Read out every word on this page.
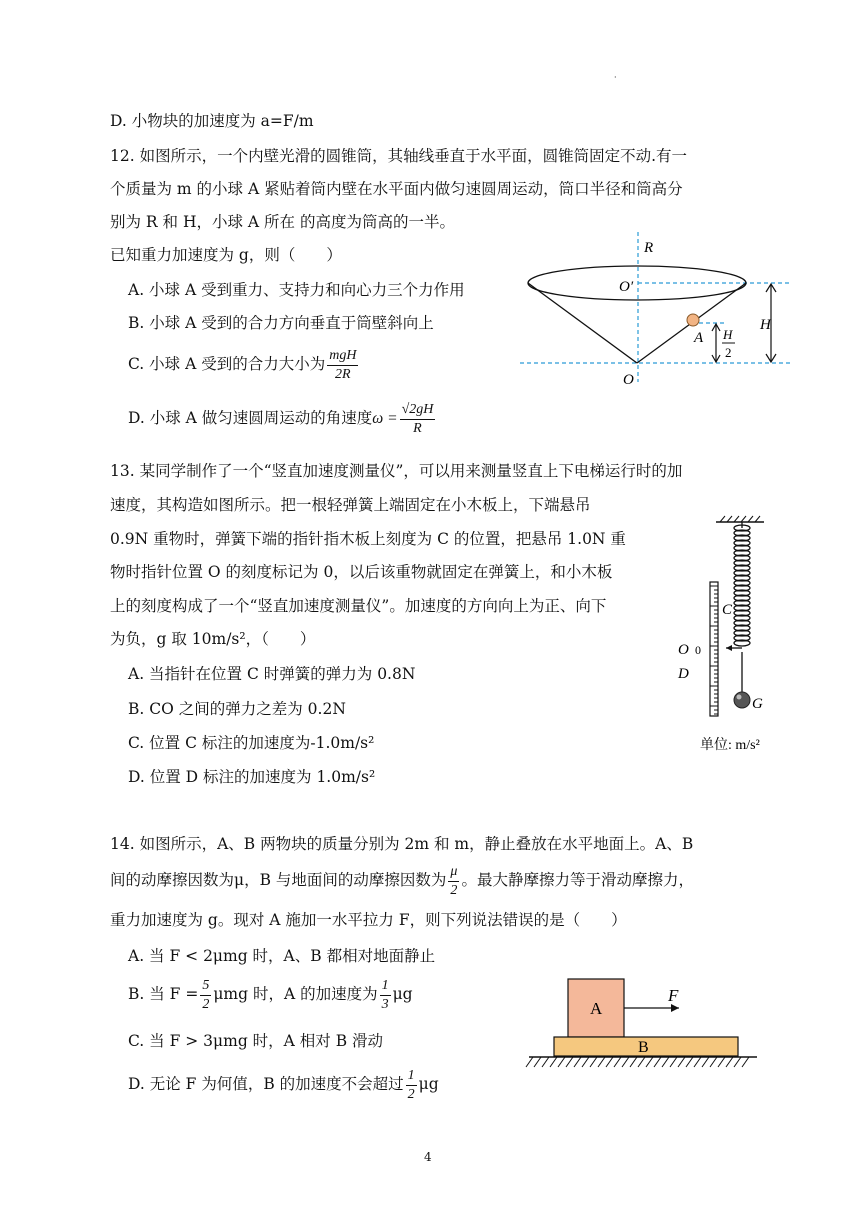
·
D. 小物块的加速度为 a=F/m
12. 如图所示，一个内壁光滑的圆锥筒，其轴线垂直于水平面，圆锥筒固定不动.有一
个质量为 m 的小球 A 紧贴着筒内壁在水平面内做匀速圆周运动，筒口半径和筒高分
别为 R 和 H，小球 A 所在 的高度为筒高的一半。
已知重力加速度为 g，则（　　）
A. 小球 A 受到重力、支持力和向心力三个力作用
B. 小球 A 受到的合力方向垂直于筒壁斜向上
C. 小球 A 受到的合力大小为 $\frac{\text{mgH}}{2R}$
D. 小球 A 做匀速圆周运动的角速度$\omega = \frac{√2gH}{R}$
R
O′
A
O
H
H
2
13. 某同学制作了一个“竖直加速度测量仪”，可以用来测量竖直上下电梯运行时的加
速度，其构造如图所示。把一根轻弹簧上端固定在小木板上，下端悬吊
0.9N 重物时，弹簧下端的指针指木板上刻度为 C 的位置，把悬吊 1.0N 重
物时指针位置 O 的刻度标记为 0，以后该重物就固定在弹簧上，和小木板
上的刻度构成了一个“竖直加速度测量仪”。加速度的方向向上为正、向下
为负，g 取 10m/s²，（　　）
A. 当指针在位置 C 时弹簧的弹力为 0.8N
B. CO 之间的弹力之差为 0.2N
C. 位置 C 标注的加速度为-1.0m/s²
D. 位置 D 标注的加速度为 1.0m/s²
C
O 0
D
G
单位: m/s²
14. 如图所示，A、B 两物块的质量分别为 2m 和 m，静止叠放在水平地面上。A、B
间的动摩擦因数为μ，B 与地面间的动摩擦因数为 $\frac{\mu}{2}$ 。最大静摩擦力等于滑动摩擦力，
重力加速度为 g。现对 A 施加一水平拉力 F，则下列说法错误的是（　　）
A. 当 F < 2μmg 时，A、B 都相对地面静止
B. 当 $F = \frac{5}{2}$ μmg 时，A 的加速度为 $\frac{1}{3}$ μg
C. 当 F > 3μmg 时，A 相对 B 滑动
D. 无论 F 为何值，B 的加速度不会超过 $\frac{1}{2}$ μg
A
B
F
4
